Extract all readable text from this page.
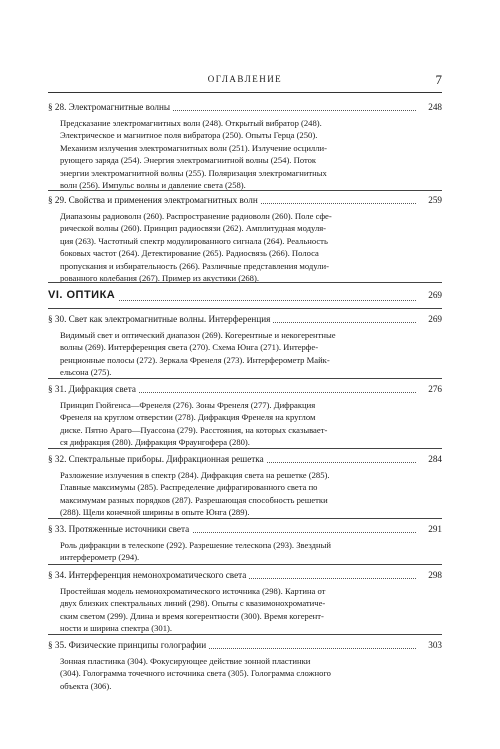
ОГЛАВЛЕНИЕ	7
§ 28. Электромагнитные волны	248
Предсказание электромагнитных волн (248). Открытый вибратор (248).
Электрическое и магнитное поля вибратора (250). Опыты Герца (250).
Механизм излучения электромагнитных волн (251). Излучение осцилли-
рующего заряда (254). Энергия электромагнитной волны (254). Поток
энергии электромагнитной волны (255). Поляризация электромагнитных
волн (256). Импульс волны и давление света (258).
§ 29. Свойства и применения электромагнитных волн	259
Диапазоны радиоволн (260). Распространение радиоволн (260). Поле сфе-
рической волны (260). Принцип радиосвязи (262). Амплитудная модуля-
ция (263). Частотный спектр модулированного сигнала (264). Реальность
боковых частот (264). Детектирование (265). Радиосвязь (266). Полоса
пропускания и избирательность (266). Различные представления модули-
рованного колебания (267). Пример из акустики (268).
VI. ОПТИКА	269
§ 30. Свет как электромагнитные волны. Интерференция	269
Видимый свет и оптический диапазон (269). Когерентные и некогерентные
волны (269). Интерференция света (270). Схема Юнга (271). Интерфе-
ренционные полосы (272). Зеркала Френеля (273). Интерферометр Майк-
ельсона (275).
§ 31. Дифракция света	276
Принцип Гюйгенса—Френеля (276). Зоны Френеля (277). Дифракция
Френеля на круглом отверстии (278). Дифракция Френеля на круглом
диске. Пятно Араго—Пуассона (279). Расстояния, на которых сказывает-
ся дифракция (280). Дифракция Фраунгофера (280).
§ 32. Спектральные приборы. Дифракционная решетка	284
Разложение излучения в спектр (284). Дифракция света на решетке (285).
Главные максимумы (285). Распределение дифрагированного света по
максимумам разных порядков (287). Разрешающая способность решетки
(288). Щели конечной ширины в опыте Юнга (289).
§ 33. Протяженные источники света	291
Роль дифракции в телескопе (292). Разрешение телескопа (293). Звездный
интерферометр (294).
§ 34. Интерференция немонохроматического света	298
Простейшая модель немонохроматического источника (298). Картина от
двух близких спектральных линий (298). Опыты с квазимонохроматиче-
ским светом (299). Длина и время когерентности (300). Время когерент-
ности и ширина спектра (301).
§ 35. Физические принципы голографии	303
Зонная пластинка (304). Фокусирующее действие зонной пластинки
(304). Голограмма точечного источника света (305). Голограмма сложного
объекта (306).
